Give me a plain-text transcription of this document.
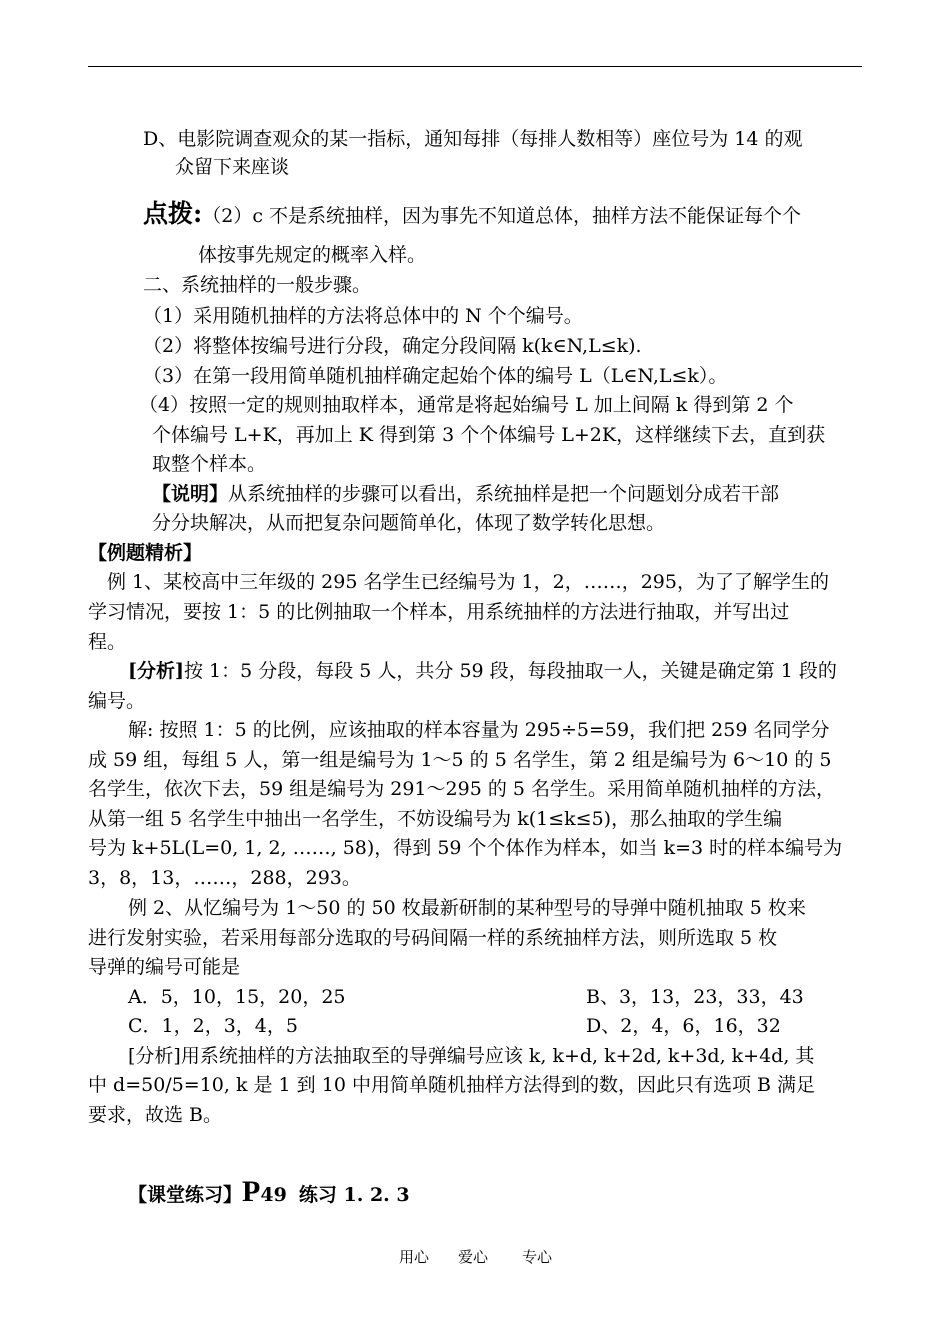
D、电影院调查观众的某一指标，通知每排（每排人数相等）座位号为 14 的观
众留下来座谈
点拨:（2）c 不是系统抽样，因为事先不知道总体，抽样方法不能保证每个个
体按事先规定的概率入样。
二、系统抽样的一般步骤。
（1）采用随机抽样的方法将总体中的 N 个个编号。
（2）将整体按编号进行分段，确定分段间隔 k(k∈N,L≤k).
（3）在第一段用简单随机抽样确定起始个体的编号 L（L∈N,L≤k）。
（4）按照一定的规则抽取样本，通常是将起始编号 L 加上间隔 k 得到第 2 个
个体编号 L+K，再加上 K 得到第 3 个个体编号 L+2K，这样继续下去，直到获
取整个样本。
【说明】从系统抽样的步骤可以看出，系统抽样是把一个问题划分成若干部
分分块解决，从而把复杂问题简单化，体现了数学转化思想。
【例题精析】
例 1、某校高中三年级的 295 名学生已经编号为 1，2，……，295，为了了解学生的
学习情况，要按 1：5 的比例抽取一个样本，用系统抽样的方法进行抽取，并写出过
程。
[分析]按 1：5 分段，每段 5 人，共分 59 段，每段抽取一人，关键是确定第 1 段的
编号。
解: 按照 1：5 的比例，应该抽取的样本容量为 295÷5=59，我们把 259 名同学分
成 59 组，每组 5 人，第一组是编号为 1～5 的 5 名学生，第 2 组是编号为 6～10 的 5
名学生，依次下去，59 组是编号为 291～295 的 5 名学生。采用简单随机抽样的方法，
从第一组 5 名学生中抽出一名学生，不妨设编号为 k(1≤k≤5)，那么抽取的学生编
号为 k+5L(L=0, 1, 2, ……, 58)，得到 59 个个体作为样本，如当 k=3 时的样本编号为
3，8，13，……，288，293。
例 2、从忆编号为 1～50 的 50 枚最新研制的某种型号的导弹中随机抽取 5 枚来
进行发射实验，若采用每部分选取的号码间隔一样的系统抽样方法，则所选取 5 枚
导弹的编号可能是
A．5，10，15，20，25	B、3，13，23，33，43
C．1，2，3，4，5	D、2，4，6，16，32
[分析]用系统抽样的方法抽取至的导弹编号应该 k, k+d, k+2d, k+3d, k+4d, 其
中 d=50/5=10, k 是 1 到 10 中用简单随机抽样方法得到的数，因此只有选项 B 满足
要求，故选 B。
【课堂练习】P49 练习 1. 2. 3
用心 爱心 专心
